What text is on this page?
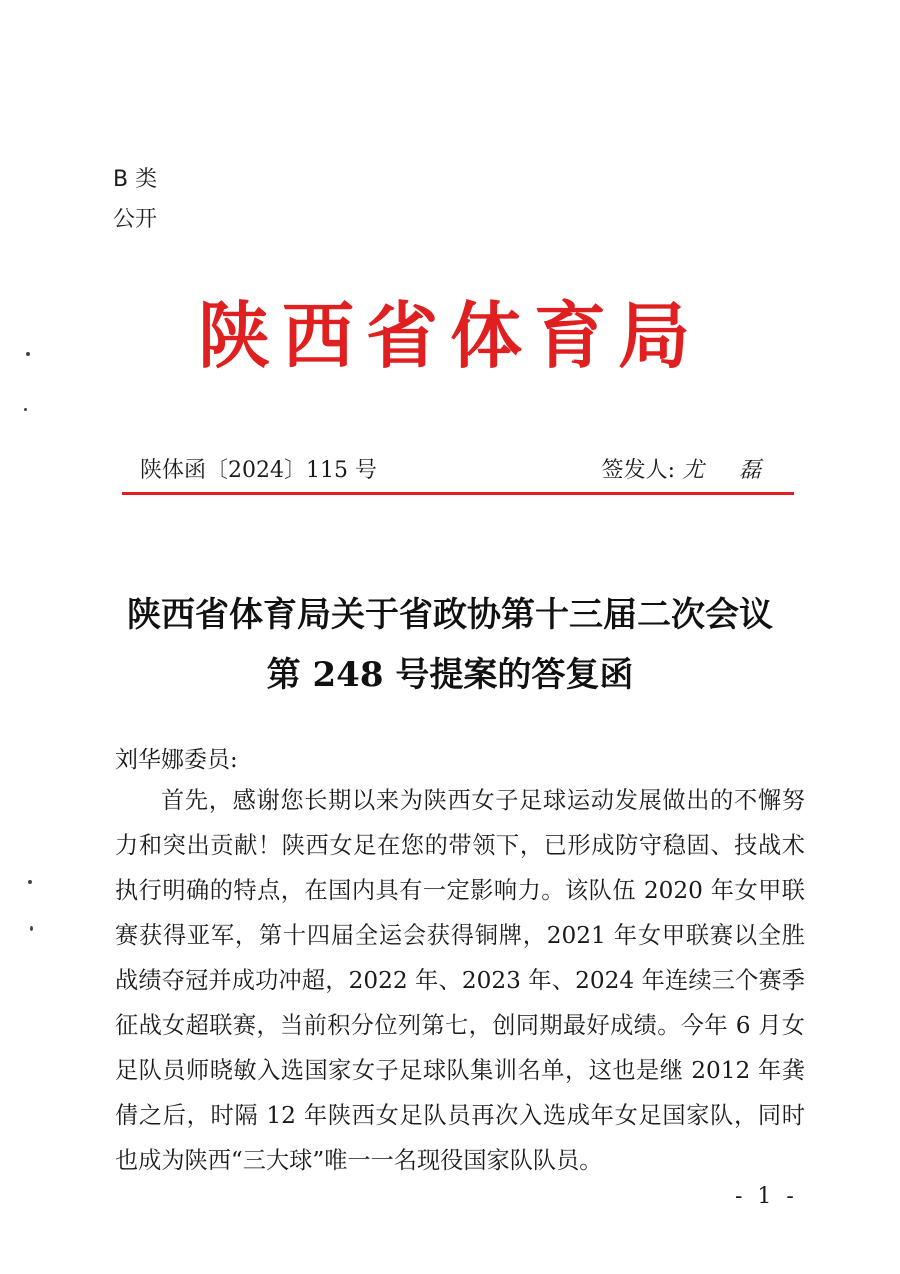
B 类
公开
陕西省体育局
陕体函〔2024〕115 号	签发人: 尤 磊
陕西省体育局关于省政协第十三届二次会议
第 248 号提案的答复函
刘华娜委员:

首先，感谢您长期以来为陕西女子足球运动发展做出的不懈努力和突出贡献！陕西女足在您的带领下，已形成防守稳固、技战术执行明确的特点，在国内具有一定影响力。该队伍 2020 年女甲联赛获得亚军，第十四届全运会获得铜牌，2021 年女甲联赛以全胜战绩夺冠并成功冲超，2022 年、2023 年、2024 年连续三个赛季征战女超联赛，当前积分位列第七，创同期最好成绩。今年 6 月女足队员师晓敏入选国家女子足球队集训名单，这也是继 2012 年龚倩之后，时隔 12 年陕西女足队员再次入选成年女足国家队，同时也成为陕西“三大球”唯一一名现役国家队队员。

- 1 -
